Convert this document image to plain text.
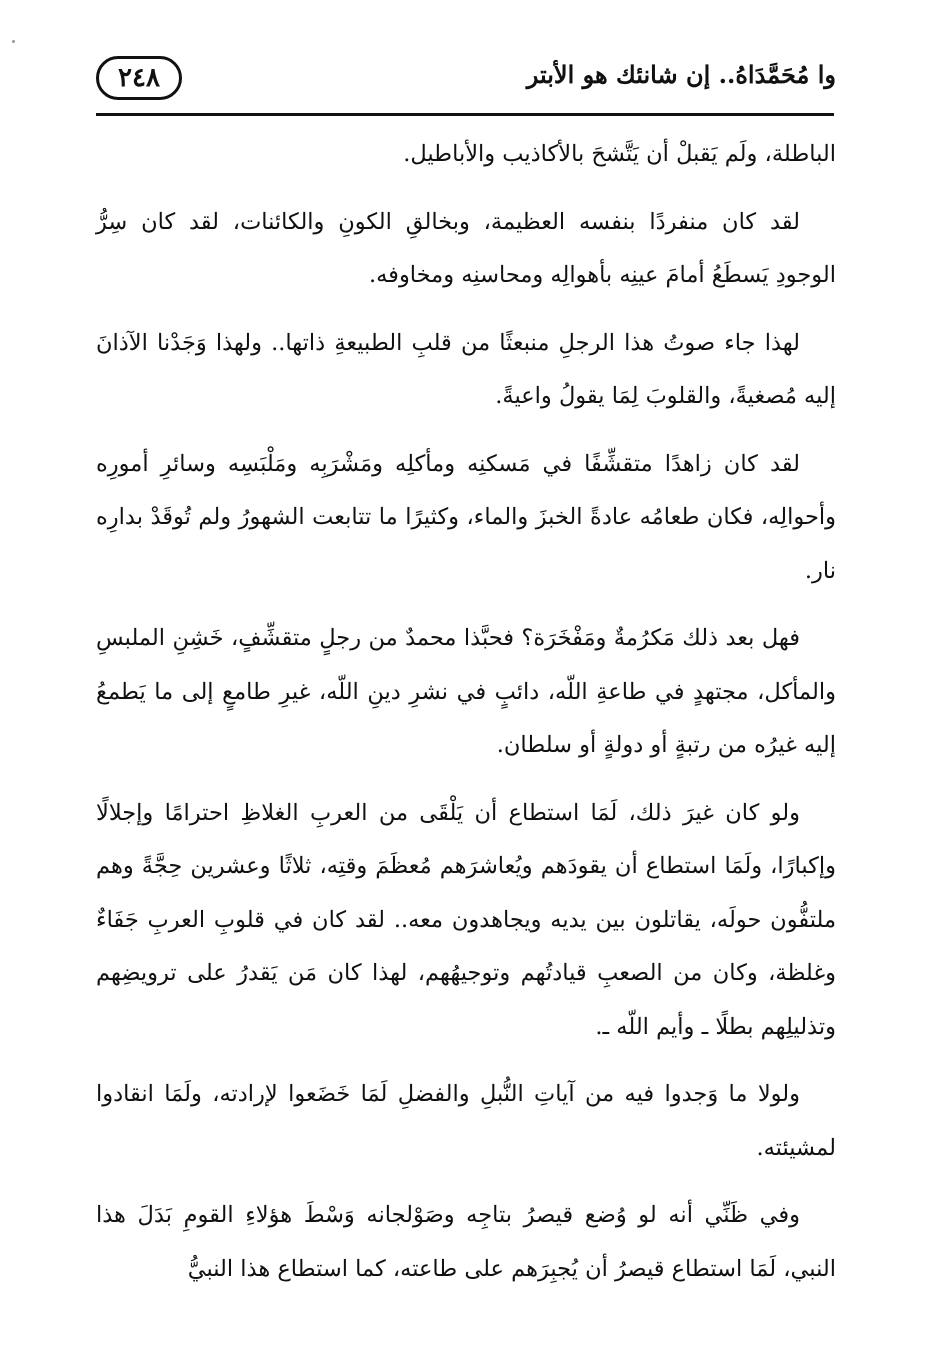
٢٤٨	وا مُحَمَّدَاهُ.. إن شانئك هو الأبتر

الباطلة، ولَم يَقبلْ أن يَتَّشحَ بالأكاذيب والأباطيل.

لقد كان منفردًا بنفسه العظيمة، وبخالقِ الكونِ والكائنات، لقد كان سِرُّ الوجودِ يَسطَعُ أمامَ عينِه بأهوالِه ومحاسنِه ومخاوفه.

لهذا جاء صوتُ هذا الرجلِ منبعثًا من قلبِ الطبيعةِ ذاتها.. ولهذا وَجَدْنا الآذانَ إليه مُصغيةً، والقلوبَ لِمَا يقولُ واعيةً.

لقد كان زاهدًا متقشِّفًا في مَسكنِه ومأكلِه ومَشْرَبِه ومَلْبَسِه وسائرِ أمورِه وأحوالِه، فكان طعامُه عادةً الخبزَ والماء، وكثيرًا ما تتابعت الشهورُ ولم تُوقَدْ بدارِه نار.

فهل بعد ذلك مَكرُمةٌ ومَفْخَرَة؟ فحبَّذا محمدٌ من رجلٍ متقشِّفٍ، خَشِنِ الملبسِ والمأكل، مجتهدٍ في طاعةِ اللّه، دائبٍ في نشرِ دينِ اللّه، غيرِ طامعٍ إلى ما يَطمعُ إليه غيرُه من رتبةٍ أو دولةٍ أو سلطان.

ولو كان غيرَ ذلك، لَمَا استطاع أن يَلْقَى من العربِ الغلاظِ احترامًا وإجلالًا وإكبارًا، ولَمَا استطاع أن يقودَهم ويُعاشرَهم مُعظَمَ وقتِه، ثلاثًا وعشرين حِجَّةً وهم ملتفُّون حولَه، يقاتلون بين يديه ويجاهدون معه.. لقد كان في قلوبِ العربِ جَفَاءٌ وغلظة، وكان من الصعبِ قيادتُهم وتوجيهُهم، لهذا كان مَن يَقدرُ على ترويضِهم وتذليلِهم بطلًا ـ وأيم اللّه ـ.

ولولا ما وَجدوا فيه من آياتِ النُّبلِ والفضلِ لَمَا خَضَعوا لإرادته، ولَمَا انقادوا لمشيئته.

وفي ظَنِّي أنه لو وُضع قيصرُ بتاجِه وصَوْلجانه وَسْطَ هؤلاءِ القومِ بَدَلَ هذا النبي، لَمَا استطاع قيصرُ أن يُجبِرَهم على طاعته، كما استطاع هذا النبيُّ
